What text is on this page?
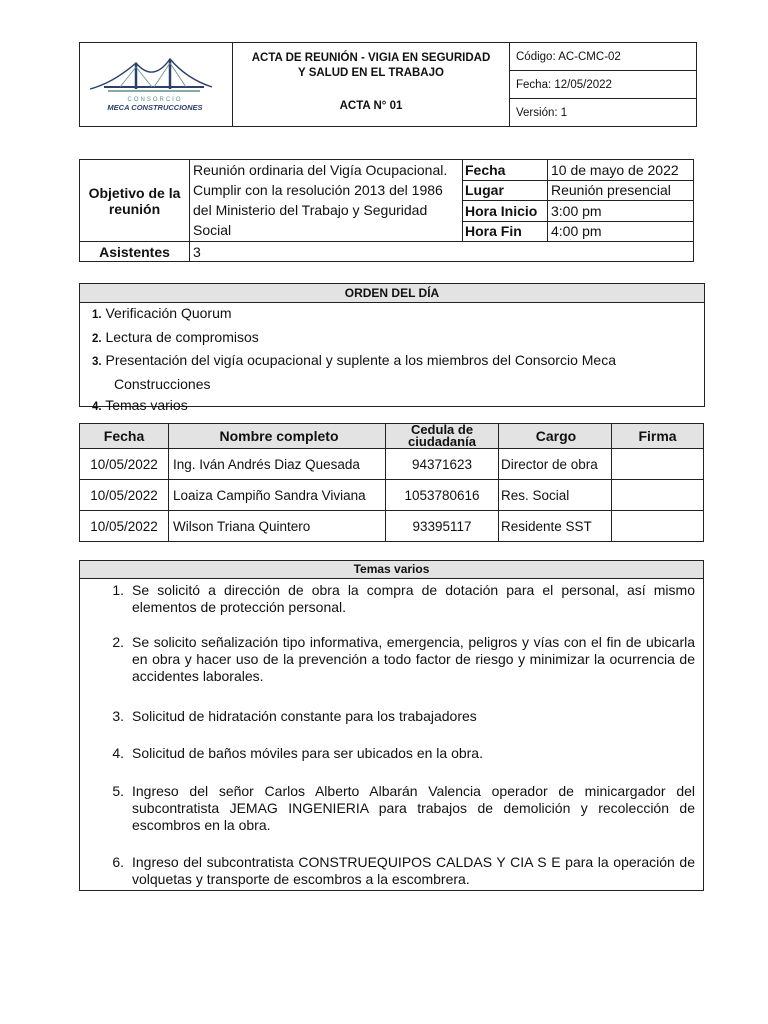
CONSORCIO
MECA CONSTRUCCIONES

ACTA DE REUNIÓN - VIGIA EN SEGURIDAD
Y SALUD EN EL TRABAJO
ACTA N° 01
	Código: AC-CMC-02
Fecha: 12/05/2022
Versión: 1
Objetivo de la reunión	Reunión ordinaria del Vigía Ocupacional. Cumplir con la resolución 2013 del 1986 del Ministerio del Trabajo y Seguridad Social	Fecha	10 de mayo de 2022
		Lugar	Reunión presencial
		Hora Inicio	3:00 pm
		Hora Fin	4:00 pm
Asistentes	3		
ORDEN DEL DÍA
1. Verificación Quorum
2. Lectura de compromisos
3. Presentación del vigía ocupacional y suplente a los miembros del Consorcio Meca
Construcciones
4. Temas varios
Fecha	Nombre completo	Cedula de ciudadanía	Cargo	Firma
10/05/2022	Ing. Iván Andrés Diaz Quesada	94371623	Director de obra	
10/05/2022	Loaiza Campiño Sandra Viviana	1053780616	Res. Social	
10/05/2022	Wilson Triana Quintero	93395117	Residente SST	
Temas varios
1. Se solicitó a dirección de obra la compra de dotación para el personal, así mismo elementos de protección personal.
2. Se solicito señalización tipo informativa, emergencia, peligros y vías con el fin de ubicarla en obra y hacer uso de la prevención a todo factor de riesgo y minimizar la ocurrencia de accidentes laborales.
3. Solicitud de hidratación constante para los trabajadores
4. Solicitud de baños móviles para ser ubicados en la obra.
5. Ingreso del señor Carlos Alberto Albarán Valencia operador de minicargador del subcontratista JEMAG INGENIERIA para trabajos de demolición y recolección de escombros en la obra.
6. Ingreso del subcontratista CONSTRUEQUIPOS CALDAS Y CIA S E para la operación de volquetas y transporte de escombros a la escombrera.
